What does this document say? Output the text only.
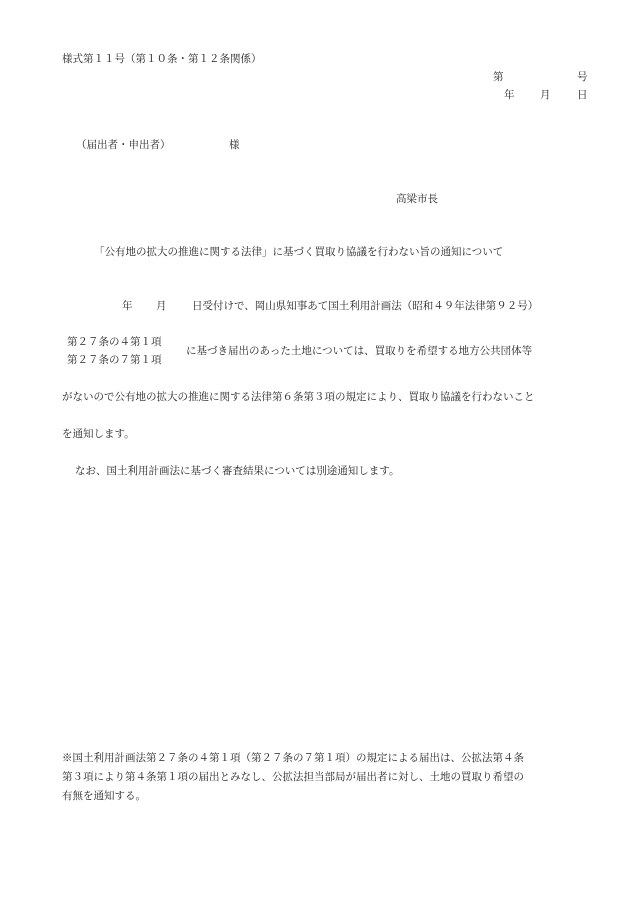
様式第１１号（第１０条・第１２条関係）
第	号
年 月	日
（届出者・申出者）	様
高梁市長
「公有地の拡大の推進に関する法律」に基づく買取り協議を行わない旨の通知について
年 月 日受付けで、岡山県知事あて国土利用計画法（昭和４９年法律第９２号）
第２７条の４第１項
第２７条の７第１項
に基づき届出のあった土地については、買取りを希望する地方公共団体等
がないので公有地の拡大の推進に関する法律第６条第３項の規定により、買取り協議を行わないこと
を通知します。
なお、国土利用計画法に基づく審査結果については別途通知します。
※国土利用計画法第２７条の４第１項（第２７条の７第１項）の規定による届出は、公拡法第４条
第３項により第４条第１項の届出とみなし、公拡法担当部局が届出者に対し、土地の買取り希望の
有無を通知する。
